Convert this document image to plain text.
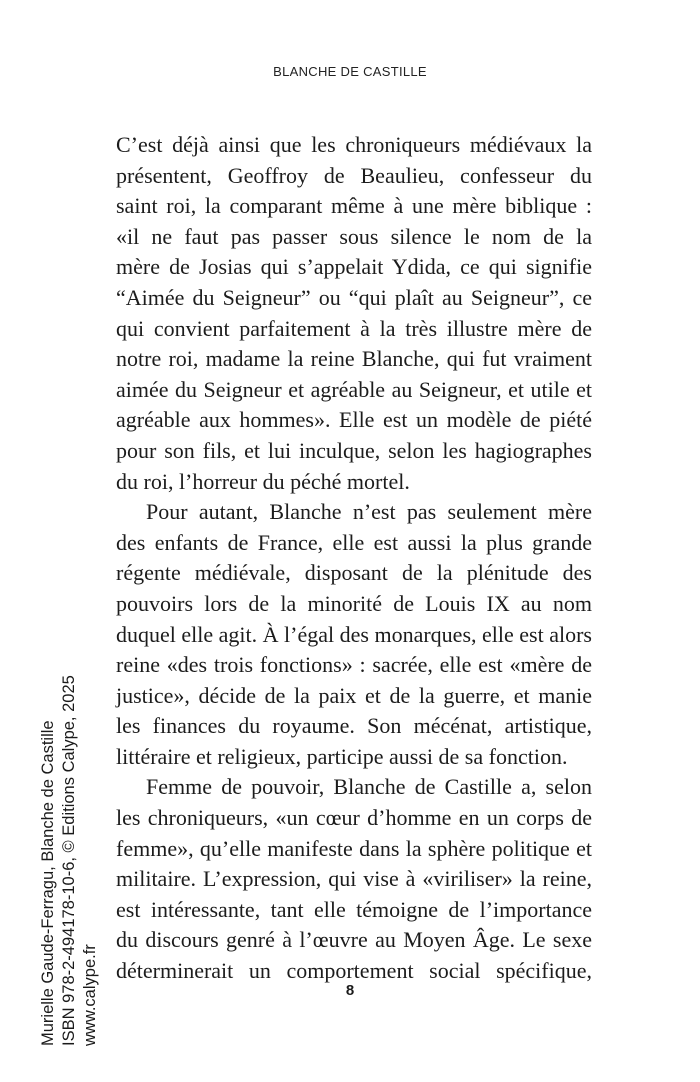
BLANCHE DE CASTILLE

C’est déjà ainsi que les chroniqueurs médiévaux la
présentent, Geoffroy de Beaulieu, confesseur du
saint roi, la comparant même à une mère biblique :
«il ne faut pas passer sous silence le nom de la
mère de Josias qui s’appelait Ydida, ce qui signifie
“Aimée du Seigneur” ou “qui plaît au Seigneur”, ce
qui convient parfaitement à la très illustre mère de
notre roi, madame la reine Blanche, qui fut vraiment
aimée du Seigneur et agréable au Seigneur, et utile et
agréable aux hommes». Elle est un modèle de piété
pour son fils, et lui inculque, selon les hagiographes
du roi, l’horreur du péché mortel.

Pour autant, Blanche n’est pas seulement mère
des enfants de France, elle est aussi la plus grande
régente médiévale, disposant de la plénitude des
pouvoirs lors de la minorité de Louis IX au nom
duquel elle agit. À l’égal des monarques, elle est alors
reine «des trois fonctions» : sacrée, elle est «mère de
justice», décide de la paix et de la guerre, et manie
les finances du royaume. Son mécénat, artistique,
littéraire et religieux, participe aussi de sa fonction.

Femme de pouvoir, Blanche de Castille a, selon
les chroniqueurs, «un cœur d’homme en un corps de
femme», qu’elle manifeste dans la sphère politique et
militaire. L’expression, qui vise à «viriliser» la reine,
est intéressante, tant elle témoigne de l’importance
du discours genré à l’œuvre au Moyen Âge. Le sexe
déterminerait un comportement social spécifique,

8
Murielle Gaude-Ferragu, Blanche de Castille ISBN 978-2-494178-10-6, © Editions Calype, 2025 www.calype.fr
